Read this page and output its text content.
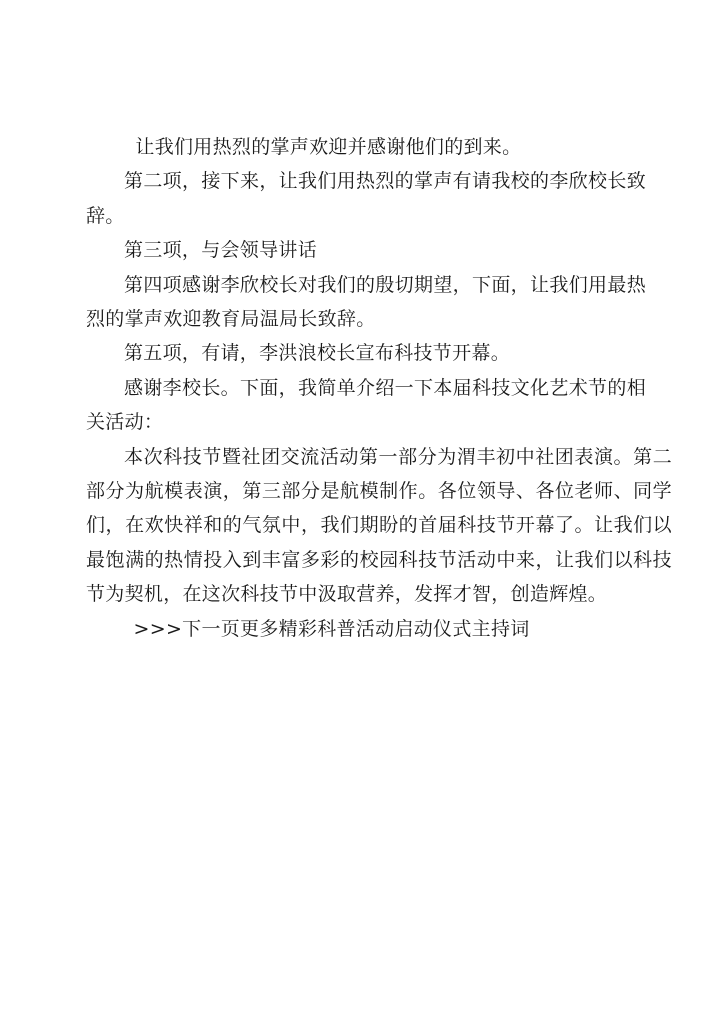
让我们用热烈的掌声欢迎并感谢他们的到来。

第二项，接下来，让我们用热烈的掌声有请我校的李欣校长致辞。

第三项，与会领导讲话

第四项感谢李欣校长对我们的殷切期望，下面，让我们用最热烈的掌声欢迎教育局温局长致辞。

第五项，有请，李洪浪校长宣布科技节开幕。

感谢李校长。下面，我简单介绍一下本届科技文化艺术节的相关活动：

本次科技节暨社团交流活动第一部分为渭丰初中社团表演。第二部分为航模表演，第三部分是航模制作。各位领导、各位老师、同学们，在欢快祥和的气氛中，我们期盼的首届科技节开幕了。让我们以最饱满的热情投入到丰富多彩的校园科技节活动中来，让我们以科技节为契机，在这次科技节中汲取营养，发挥才智，创造辉煌。

>>>下一页更多精彩科普活动启动仪式主持词
